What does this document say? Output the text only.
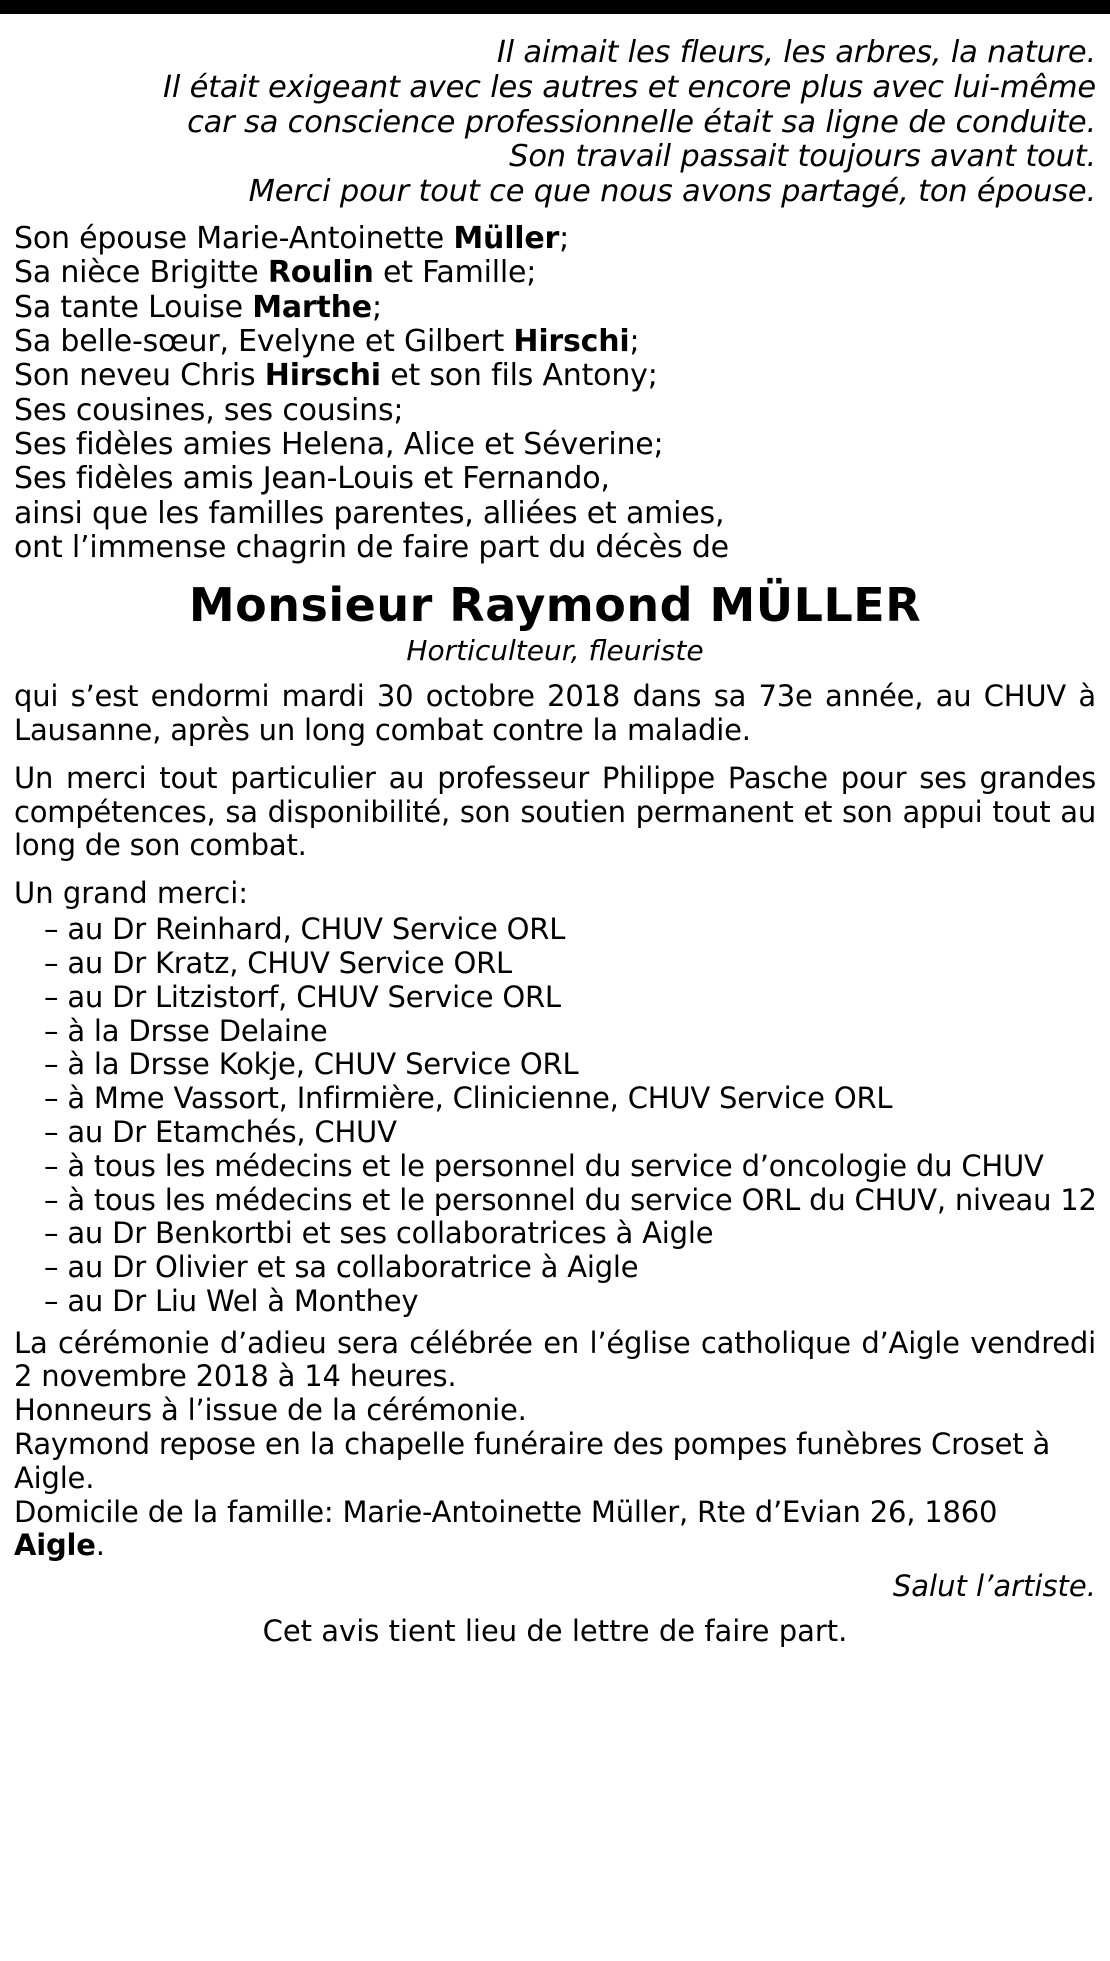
Il aimait les fleurs, les arbres, la nature.
Il était exigeant avec les autres et encore plus avec lui-même
car sa conscience professionnelle était sa ligne de conduite.
Son travail passait toujours avant tout.
Merci pour tout ce que nous avons partagé, ton épouse.
Son épouse Marie-Antoinette Müller;
Sa nièce Brigitte Roulin et Famille;
Sa tante Louise Marthe;
Sa belle-sœur, Evelyne et Gilbert Hirschi;
Son neveu Chris Hirschi et son fils Antony;
Ses cousines, ses cousins;
Ses fidèles amies Helena, Alice et Séverine;
Ses fidèles amis Jean-Louis et Fernando,
ainsi que les familles parentes, alliées et amies,
ont l’immense chagrin de faire part du décès de
Monsieur Raymond MÜLLER
Horticulteur, fleuriste

qui s’est endormi mardi 30 octobre 2018 dans sa 73e année, au CHUV à Lausanne, après un long combat contre la maladie.

Un merci tout particulier au professeur Philippe Pasche pour ses grandes compétences, sa disponibilité, son soutien permanent et son appui tout au long de son combat.

Un grand merci:
– au Dr Reinhard, CHUV Service ORL
– au Dr Kratz, CHUV Service ORL
– au Dr Litzistorf, CHUV Service ORL
– à la Drsse Delaine
– à la Drsse Kokje, CHUV Service ORL
– à Mme Vassort, Infirmière, Clinicienne, CHUV Service ORL
– au Dr Etamchés, CHUV
– à tous les médecins et le personnel du service d’oncologie du CHUV
– à tous les médecins et le personnel du service ORL du CHUV, niveau 12
– au Dr Benkortbi et ses collaboratrices à Aigle
– au Dr Olivier et sa collaboratrice à Aigle
– au Dr Liu Wel à Monthey
La cérémonie d’adieu sera célébrée en l’église catholique d’Aigle vendredi 2 novembre 2018 à 14 heures.
Honneurs à l’issue de la cérémonie.
Raymond repose en la chapelle funéraire des pompes funèbres Croset à Aigle.
Domicile de la famille: Marie-Antoinette Müller, Rte d’Evian 26, 1860 Aigle.
Salut l’artiste.
Cet avis tient lieu de lettre de faire part.
